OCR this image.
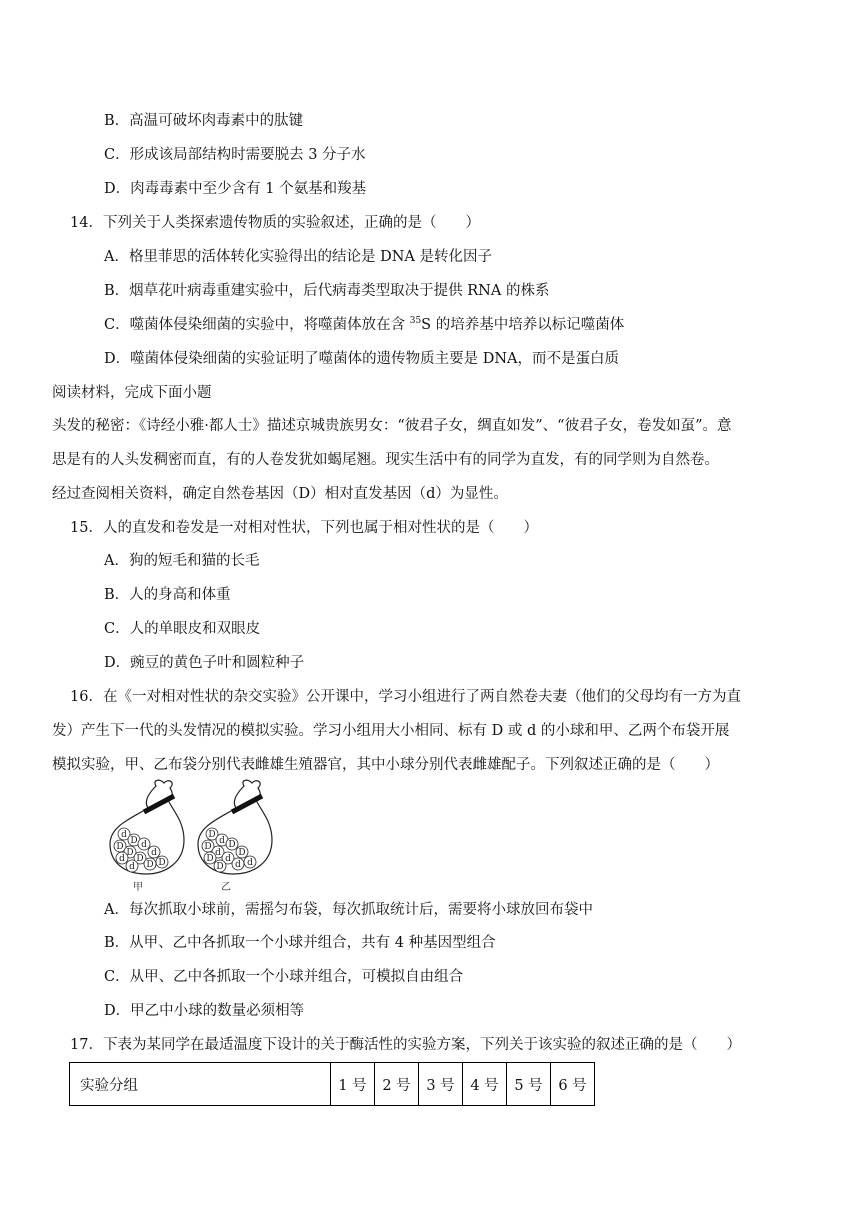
B．高温可破坏肉毒素中的肽键
C．形成该局部结构时需要脱去 3 分子水
D．肉毒毒素中至少含有 1 个氨基和羧基
14．下列关于人类探索遗传物质的实验叙述，正确的是（　　）
A．格里菲思的活体转化实验得出的结论是 DNA 是转化因子
B．烟草花叶病毒重建实验中，后代病毒类型取决于提供 RNA 的株系
C．噬菌体侵染细菌的实验中，将噬菌体放在含 $^{35}$S 的培养基中培养以标记噬菌体
D．噬菌体侵染细菌的实验证明了噬菌体的遗传物质主要是 DNA，而不是蛋白质
阅读材料，完成下面小题
头发的秘密：《诗经小雅·都人士》描述京城贵族男女：“彼君子女，绸直如发”、“彼君子女，卷发如虿”。意
思是有的人头发稠密而直，有的人卷发犹如蝎尾翘。现实生活中有的同学为直发，有的同学则为自然卷。
经过查阅相关资料，确定自然卷基因（D）相对直发基因（d）为显性。
15．人的直发和卷发是一对相对性状，下列也属于相对性状的是（　　）
A．狗的短毛和猫的长毛
B．人的身高和体重
C．人的单眼皮和双眼皮
D．豌豆的黄色子叶和圆粒种子
16．在《一对相对性状的杂交实验》公开课中，学习小组进行了两自然卷夫妻（他们的父母均有一方为直
发）产生下一代的头发情况的模拟实验。学习小组用大小相同、标有 D 或 d 的小球和甲、乙两个布袋开展
模拟实验，甲、乙布袋分别代表雌雄生殖器官，其中小球分别代表雌雄配子。下列叙述正确的是（　　）
d
D
D d
D d
D
d
D
d	D
甲
D
d
D D
d D
d
D
d
D	d
乙
A．每次抓取小球前，需摇匀布袋，每次抓取统计后，需要将小球放回布袋中
B．从甲、乙中各抓取一个小球并组合，共有 4 种基因型组合
C．从甲、乙中各抓取一个小球并组合，可模拟自由组合
D．甲乙中小球的数量必须相等
17．下表为某同学在最适温度下设计的关于酶活性的实验方案，下列关于该实验的叙述正确的是（　　）
实验分组	1 号	2 号	3 号	4 号	5 号	6 号
